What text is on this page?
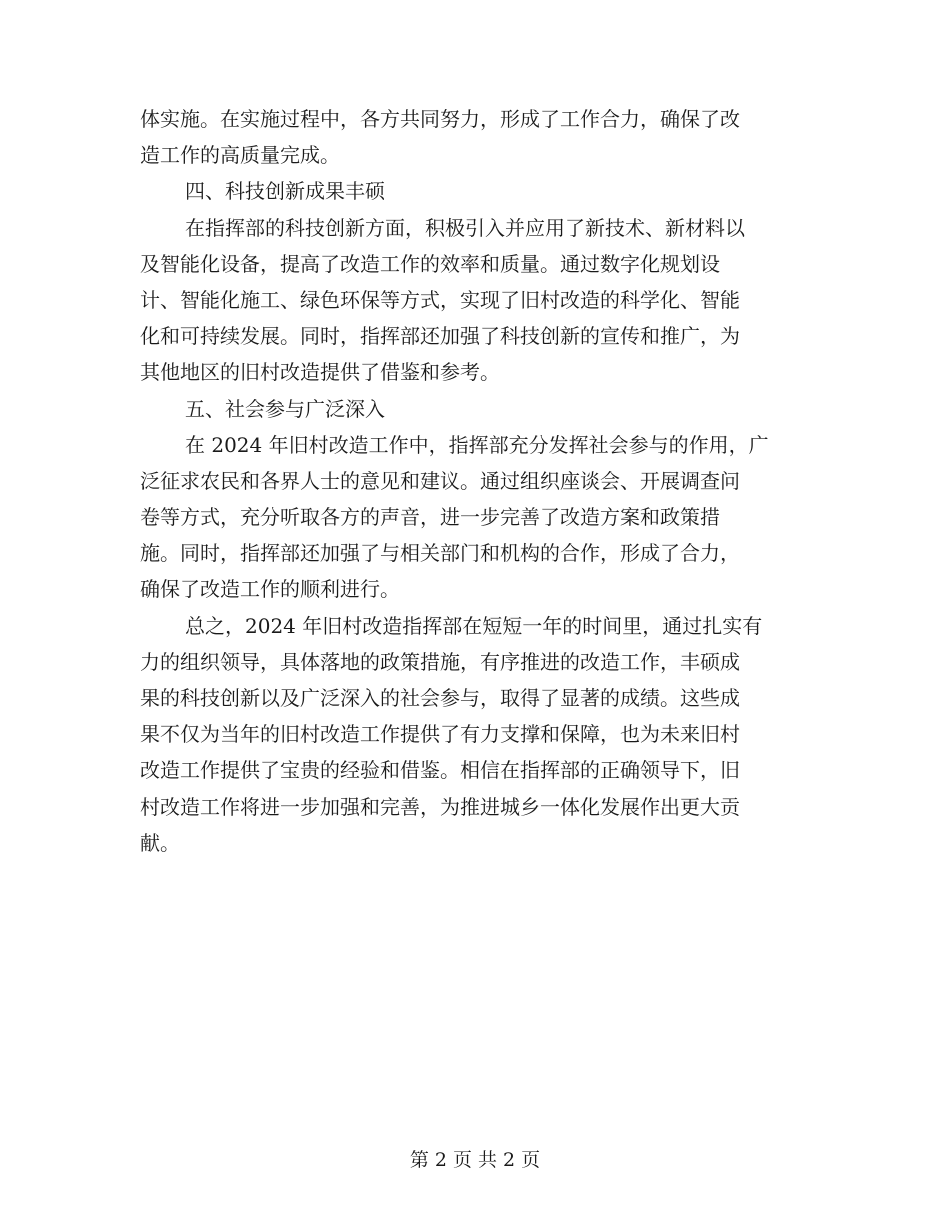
体实施。在实施过程中，各方共同努力，形成了工作合力，确保了改
造工作的高质量完成。
四、科技创新成果丰硕
在指挥部的科技创新方面，积极引入并应用了新技术、新材料以
及智能化设备，提高了改造工作的效率和质量。通过数字化规划设
计、智能化施工、绿色环保等方式，实现了旧村改造的科学化、智能
化和可持续发展。同时，指挥部还加强了科技创新的宣传和推广，为
其他地区的旧村改造提供了借鉴和参考。
五、社会参与广泛深入
在 2024 年旧村改造工作中，指挥部充分发挥社会参与的作用，广
泛征求农民和各界人士的意见和建议。通过组织座谈会、开展调查问
卷等方式，充分听取各方的声音，进一步完善了改造方案和政策措
施。同时，指挥部还加强了与相关部门和机构的合作，形成了合力，
确保了改造工作的顺利进行。
总之，2024 年旧村改造指挥部在短短一年的时间里，通过扎实有
力的组织领导，具体落地的政策措施，有序推进的改造工作，丰硕成
果的科技创新以及广泛深入的社会参与，取得了显著的成绩。这些成
果不仅为当年的旧村改造工作提供了有力支撑和保障，也为未来旧村
改造工作提供了宝贵的经验和借鉴。相信在指挥部的正确领导下，旧
村改造工作将进一步加强和完善，为推进城乡一体化发展作出更大贡
献。
第 2 页 共 2 页
